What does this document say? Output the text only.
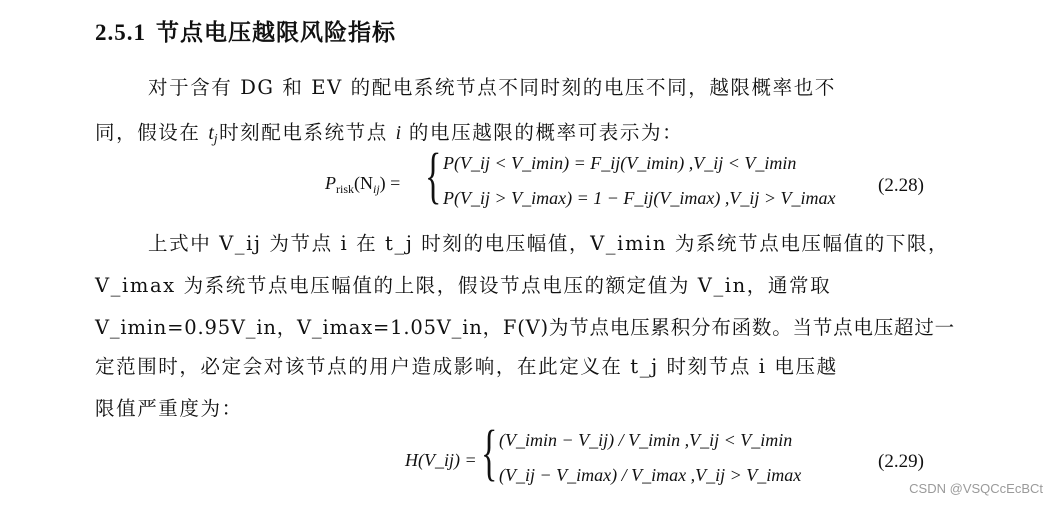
2.5.1 节点电压越限风险指标
对于含有 DG 和 EV 的配电系统节点不同时刻的电压不同，越限概率也不
同，假设在 $t_j$时刻配电系统节点 i 的电压越限的概率可表示为：
$P_{risk}(N_{ij})$ = { P(V_ij < V_imin) = F_ij(V_imin) ,V_ij < V_imin
P(V_ij > V_imax) = 1 − F_ij(V_imax) ,V_ij > V_imax
(2.28)
上式中 V_ij 为节点 i 在 t_j 时刻的电压幅值，V_imin 为系统节点电压幅值的下限，
V_imax 为系统节点电压幅值的上限，假设节点电压的额定值为 V_in，通常取
V_imin=0.95V_in，V_imax=1.05V_in，F(V)为节点电压累积分布函数。当节点电压超过一
定范围时，必定会对该节点的用户造成影响，在此定义在 t_j 时刻节点 i 电压越
限值严重度为：
H(V_ij) = { (V_imin − V_ij) / V_imin ,V_ij < V_imin
(V_ij − V_imax) / V_imax ,V_ij > V_imax
(2.29)
CSDN @VSQCcEcBCt
